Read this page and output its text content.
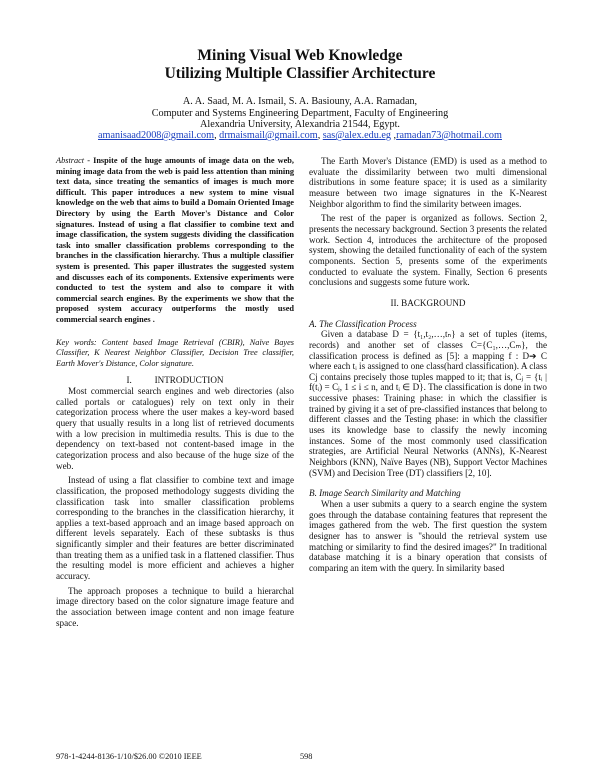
Mining Visual Web Knowledge
Utilizing Multiple Classifier Architecture
A. A. Saad, M. A. Ismail, S. A. Basiouny, A.A. Ramadan,
Computer and Systems Engineering Department, Faculty of Engineering
Alexandria University, Alexandria 21544, Egypt.
amanisaad2008@gmail.com, drmaismail@gmail.com, sas@alex.edu.eg ,ramadan73@hotmail.com

Abstract - Inspite of the huge amounts of image data on the web, mining image data from the web is paid less attention than mining text data, since treating the semantics of images is much more difficult. This paper introduces a new system to mine visual knowledge on the web that aims to build a Domain Oriented Image Directory by using the Earth Mover's Distance and Color signatures. Instead of using a flat classifier to combine text and image classification, the system suggests dividing the classification task into smaller classification problems corresponding to the branches in the classification hierarchy. Thus a multiple classifier system is presented. This paper illustrates the suggested system and discusses each of its components. Extensive experiments were conducted to test the system and also to compare it with commercial search engines. By the experiments we show that the proposed system accuracy outperforms the mostly used commercial search engines .

Key words: Content based Image Retrieval (CBIR), Naïve Bayes Classifier, K Nearest Neighbor Classifier, Decision Tree classifier, Earth Mover's Distance, Color signature.

I.          INTRODUCTION

Most commercial search engines and web directories (also called portals or catalogues) rely on text only in their categorization process where the user makes a key-word based query that usually results in a long list of retrieved documents with a low precision in multimedia results. This is due to the dependency on text-based not content-based image in the categorization process and also because of the huge size of the web.

Instead of using a flat classifier to combine text and image classification, the proposed methodology suggests dividing the classification task into smaller classification problems corresponding to the branches in the classification hierarchy, it applies a text-based approach and an image based approach on different levels separately. Each of these subtasks is thus significantly simpler and their features are better discriminated than treating them as a unified task in a flattened classifier. Thus the resulting model is more efficient and achieves a higher accuracy.

The approach proposes a technique to build a hierarchal image directory based on the color signature image feature and the association between image content and non image feature space.

The Earth Mover's Distance (EMD) is used as a method to evaluate the dissimilarity between two multi dimensional distributions in some feature space; it is used as a similarity measure between two image signatures in the K-Nearest Neighbor algorithm to find the similarity between images.

The rest of the paper is organized as follows. Section 2, presents the necessary background. Section 3 presents the related work. Section 4, introduces the architecture of the proposed system, showing the detailed functionality of each of the system components. Section 5, presents some of the experiments conducted to evaluate the system. Finally, Section 6 presents conclusions and suggests some future work.

II. BACKGROUND

A. The Classification Process

Given a database D = {t₁,t₂,…,tₙ} a set of tuples (items, records) and another set of classes C={C₁,…,Cₘ}, the classification process is defined as [5]: a mapping f : D➔ C where each tᵢ is assigned to one class(hard classification). A class Cj contains precisely those tuples mapped to it; that is, Cⱼ = {tᵢ | f(tᵢ) = Cⱼ, 1 ≤ i ≤ n, and tᵢ ∈ D}. The classification is done in two successive phases: Training phase: in which the classifier is trained by giving it a set of pre-classified instances that belong to different classes and the Testing phase: in which the classifier uses its knowledge base to classify the newly incoming instances. Some of the most commonly used classification strategies, are Artificial Neural Networks (ANNs), K-Nearest Neighbors (KNN), Naïve Bayes (NB), Support Vector Machines (SVM) and Decision Tree (DT) classifiers [2, 10].

B. Image Search Similarity and Matching

When a user submits a query to a search engine the system goes through the database containing features that represent the images gathered from the web. The first question the system designer has to answer is "should the retrieval system use matching or similarity to find the desired images?" In traditional database matching it is a binary operation that consists of comparing an item with the query. In similarity based

978-1-4244-8136-1/10/$26.00 ©2010 IEEE	598
